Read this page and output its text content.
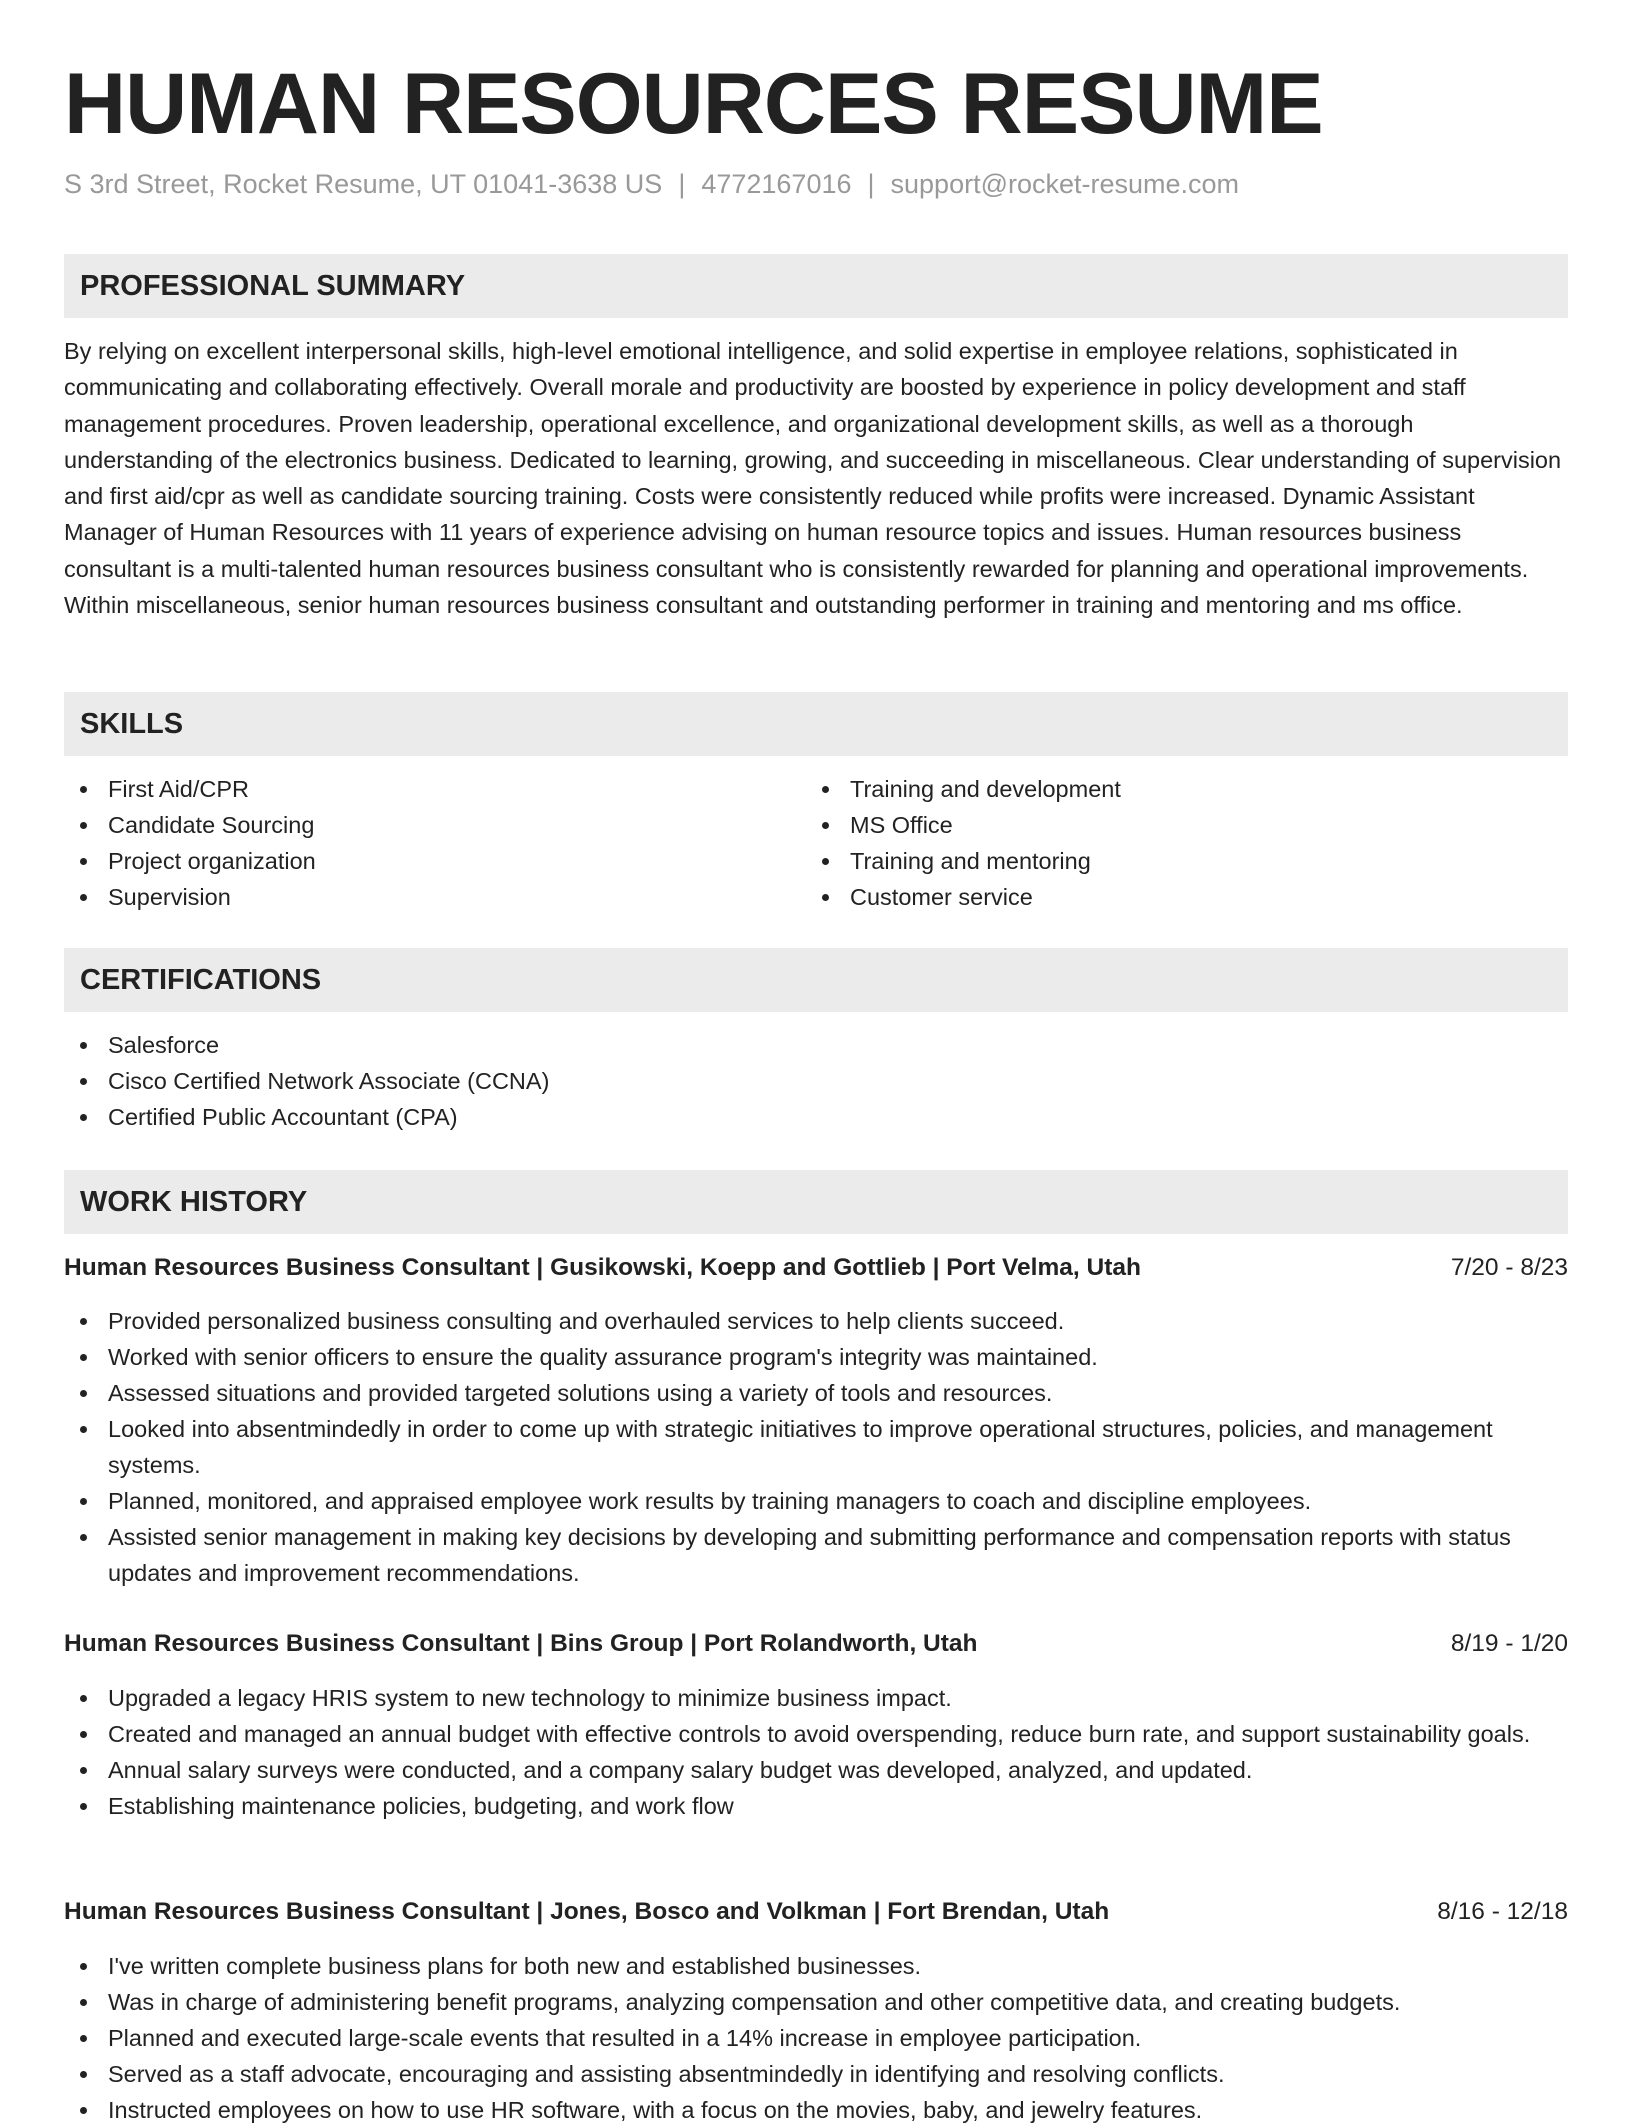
HUMAN RESOURCES RESUME
S 3rd Street, Rocket Resume, UT 01041-3638 US | 4772167016 | support@rocket-resume.com
PROFESSIONAL SUMMARY

By relying on excellent interpersonal skills, high-level emotional intelligence, and solid expertise in employee relations, sophisticated in communicating and collaborating effectively. Overall morale and productivity are boosted by experience in policy development and staff management procedures. Proven leadership, operational excellence, and organizational development skills, as well as a thorough understanding of the electronics business. Dedicated to learning, growing, and succeeding in miscellaneous. Clear understanding of supervision and first aid/cpr as well as candidate sourcing training. Costs were consistently reduced while profits were increased. Dynamic Assistant Manager of Human Resources with 11 years of experience advising on human resource topics and issues. Human resources business consultant is a multi-talented human resources business consultant who is consistently rewarded for planning and operational improvements. Within miscellaneous, senior human resources business consultant and outstanding performer in training and mentoring and ms office.

SKILLS
First Aid/CPR
Candidate Sourcing
Project organization
Supervision
Training and development
MS Office
Training and mentoring
Customer service
CERTIFICATIONS
Salesforce
Cisco Certified Network Associate (CCNA)
Certified Public Accountant (CPA)
WORK HISTORY
Human Resources Business Consultant | Gusikowski, Koepp and Gottlieb | Port Velma, Utah	7/20 - 8/23
Provided personalized business consulting and overhauled services to help clients succeed.
Worked with senior officers to ensure the quality assurance program's integrity was maintained.
Assessed situations and provided targeted solutions using a variety of tools and resources.
Looked into absentmindedly in order to come up with strategic initiatives to improve operational structures, policies, and management systems.
Planned, monitored, and appraised employee work results by training managers to coach and discipline employees.
Assisted senior management in making key decisions by developing and submitting performance and compensation reports with status updates and improvement recommendations.
Human Resources Business Consultant | Bins Group | Port Rolandworth, Utah	8/19 - 1/20
Upgraded a legacy HRIS system to new technology to minimize business impact.
Created and managed an annual budget with effective controls to avoid overspending, reduce burn rate, and support sustainability goals.
Annual salary surveys were conducted, and a company salary budget was developed, analyzed, and updated.
Establishing maintenance policies, budgeting, and work flow
Human Resources Business Consultant | Jones, Bosco and Volkman | Fort Brendan, Utah	8/16 - 12/18
I've written complete business plans for both new and established businesses.
Was in charge of administering benefit programs, analyzing compensation and other competitive data, and creating budgets.
Planned and executed large-scale events that resulted in a 14% increase in employee participation.
Served as a staff advocate, encouraging and assisting absentmindedly in identifying and resolving conflicts.
Instructed employees on how to use HR software, with a focus on the movies, baby, and jewelry features.
